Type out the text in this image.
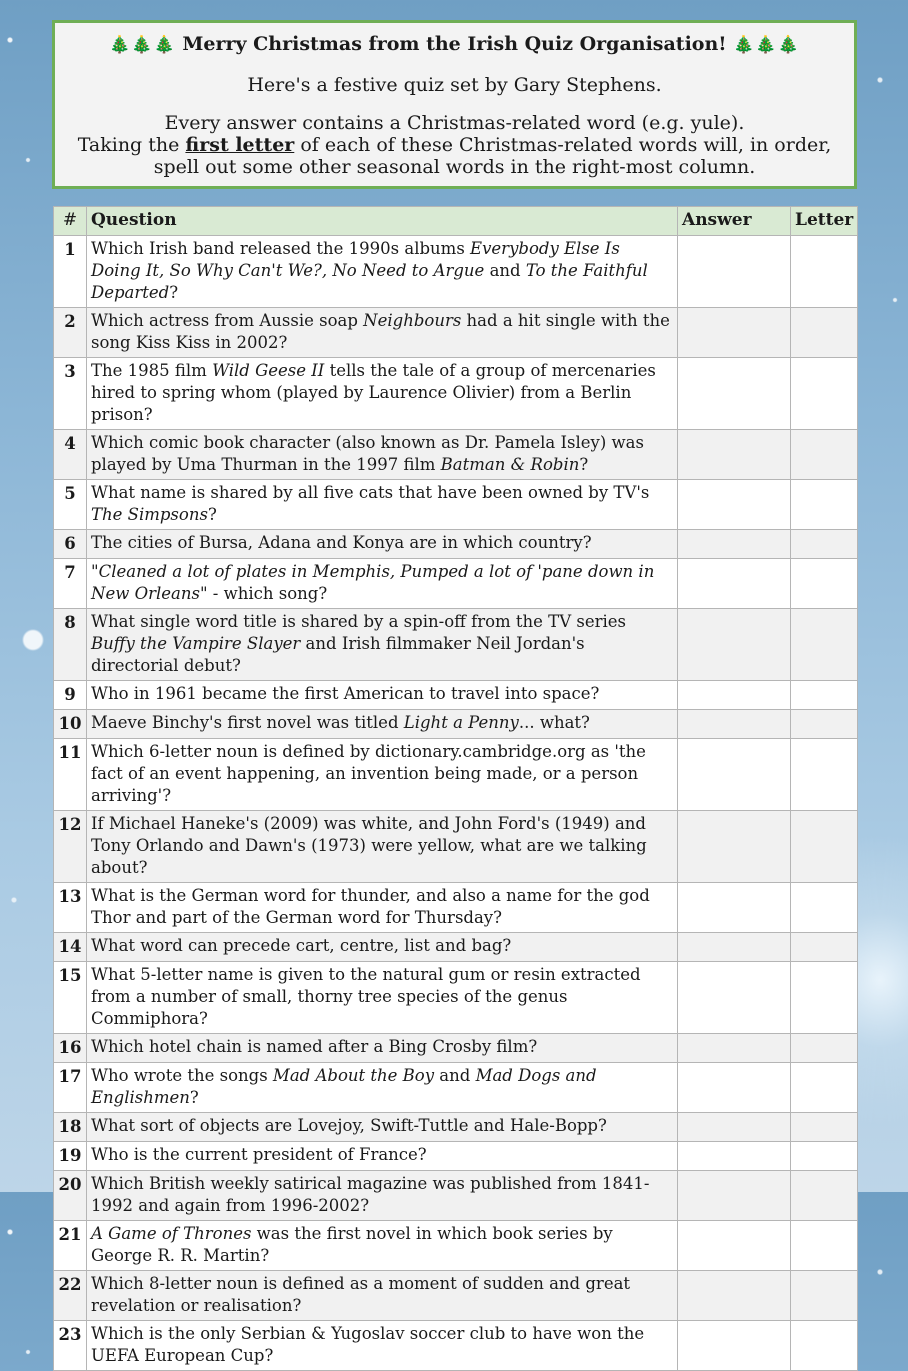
🎄🎄🎄 Merry Christmas from the Irish Quiz Organisation! 🎄🎄🎄
Here's a festive quiz set by Gary Stephens.
Every answer contains a Christmas-related word (e.g. yule).
Taking the first letter of each of these Christmas-related words will, in order, spell out some other seasonal words in the right-most column.
#	Question	Answer	Letter
1	Which Irish band released the 1990s albums Everybody Else Is Doing It, So Why Can't We?, No Need to Argue and To the Faithful Departed?		
2	Which actress from Aussie soap Neighbours had a hit single with the song Kiss Kiss in 2002?		
3	The 1985 film Wild Geese II tells the tale of a group of mercenaries hired to spring whom (played by Laurence Olivier) from a Berlin prison?		
4	Which comic book character (also known as Dr. Pamela Isley) was played by Uma Thurman in the 1997 film Batman & Robin?		
5	What name is shared by all five cats that have been owned by TV's The Simpsons?		
6	The cities of Bursa, Adana and Konya are in which country?		
7	"Cleaned a lot of plates in Memphis, Pumped a lot of 'pane down in New Orleans" - which song?		
8	What single word title is shared by a spin-off from the TV series Buffy the Vampire Slayer and Irish filmmaker Neil Jordan's directorial debut?		
9	Who in 1961 became the first American to travel into space?		
10	Maeve Binchy's first novel was titled Light a Penny... what?		
11	Which 6-letter noun is defined by dictionary.cambridge.org as 'the fact of an event happening, an invention being made, or a person arriving'?		
12	If Michael Haneke's (2009) was white, and John Ford's (1949) and Tony Orlando and Dawn's (1973) were yellow, what are we talking about?		
13	What is the German word for thunder, and also a name for the god Thor and part of the German word for Thursday?		
14	What word can precede cart, centre, list and bag?		
15	What 5-letter name is given to the natural gum or resin extracted from a number of small, thorny tree species of the genus Commiphora?		
16	Which hotel chain is named after a Bing Crosby film?		
17	Who wrote the songs Mad About the Boy and Mad Dogs and Englishmen?		
18	What sort of objects are Lovejoy, Swift-Tuttle and Hale-Bopp?		
19	Who is the current president of France?		
20	Which British weekly satirical magazine was published from 1841-1992 and again from 1996-2002?		
21	A Game of Thrones was the first novel in which book series by George R. R. Martin?		
22	Which 8-letter noun is defined as a moment of sudden and great revelation or realisation?		
23	Which is the only Serbian & Yugoslav soccer club to have won the UEFA European Cup?		
